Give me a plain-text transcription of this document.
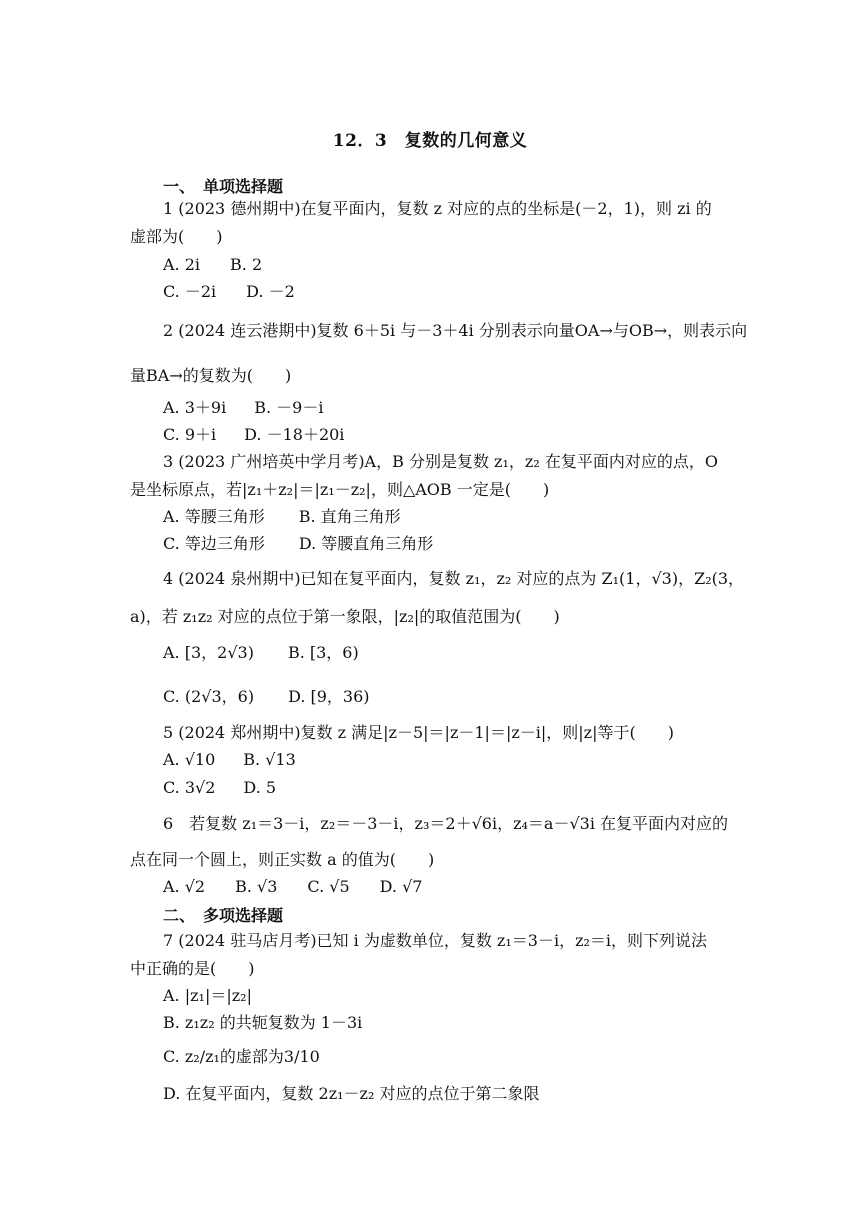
12．3　复数的几何意义
一、　单项选择题
1 (2023 德州期中)在复平面内，复数 z 对应的点的坐标是(－2，1)，则 zi 的
虚部为(　　)
A. 2i B. 2
C. －2i D. －2
2 (2024 连云港期中)复数 6＋5i 与－3＋4i 分别表示向量OA→与OB→，则表示向
量BA→的复数为(　　)
A. 3＋9i B. －9－i
C. 9＋i D. －18＋20i
3 (2023 广州培英中学月考)A，B 分别是复数 z₁，z₂ 在复平面内对应的点，O
是坐标原点，若|z₁＋z₂|＝|z₁－z₂|，则△AOB 一定是(　　)
A. 等腰三角形 B. 直角三角形
C. 等边三角形 D. 等腰直角三角形
4 (2024 泉州期中)已知在复平面内，复数 z₁，z₂ 对应的点为 Z₁(1，√3)，Z₂(3，
a)，若 z₁z₂ 对应的点位于第一象限，|z₂|的取值范围为(　　)
A. [3，2√3) B. [3，6)
C. (2√3，6) D. [9，36)
5 (2024 郑州期中)复数 z 满足|z－5|＝|z－1|＝|z－i|，则|z|等于(　　)
A. √10 B. √13
C. 3√2 D. 5
6　若复数 z₁＝3－i，z₂＝－3－i，z₃＝2＋√6i，z₄＝a－√3i 在复平面内对应的
点在同一个圆上，则正实数 a 的值为(　　)
A. √2 B. √3 C. √5 D. √7
二、　多项选择题
7 (2024 驻马店月考)已知 i 为虚数单位，复数 z₁＝3－i，z₂＝i，则下列说法
中正确的是(　　)
A. |z₁|＝|z₂|
B. z₁z₂ 的共轭复数为 1－3i
C. z₂/z₁的虚部为3/10
D. 在复平面内，复数 2z₁－z₂ 对应的点位于第二象限
